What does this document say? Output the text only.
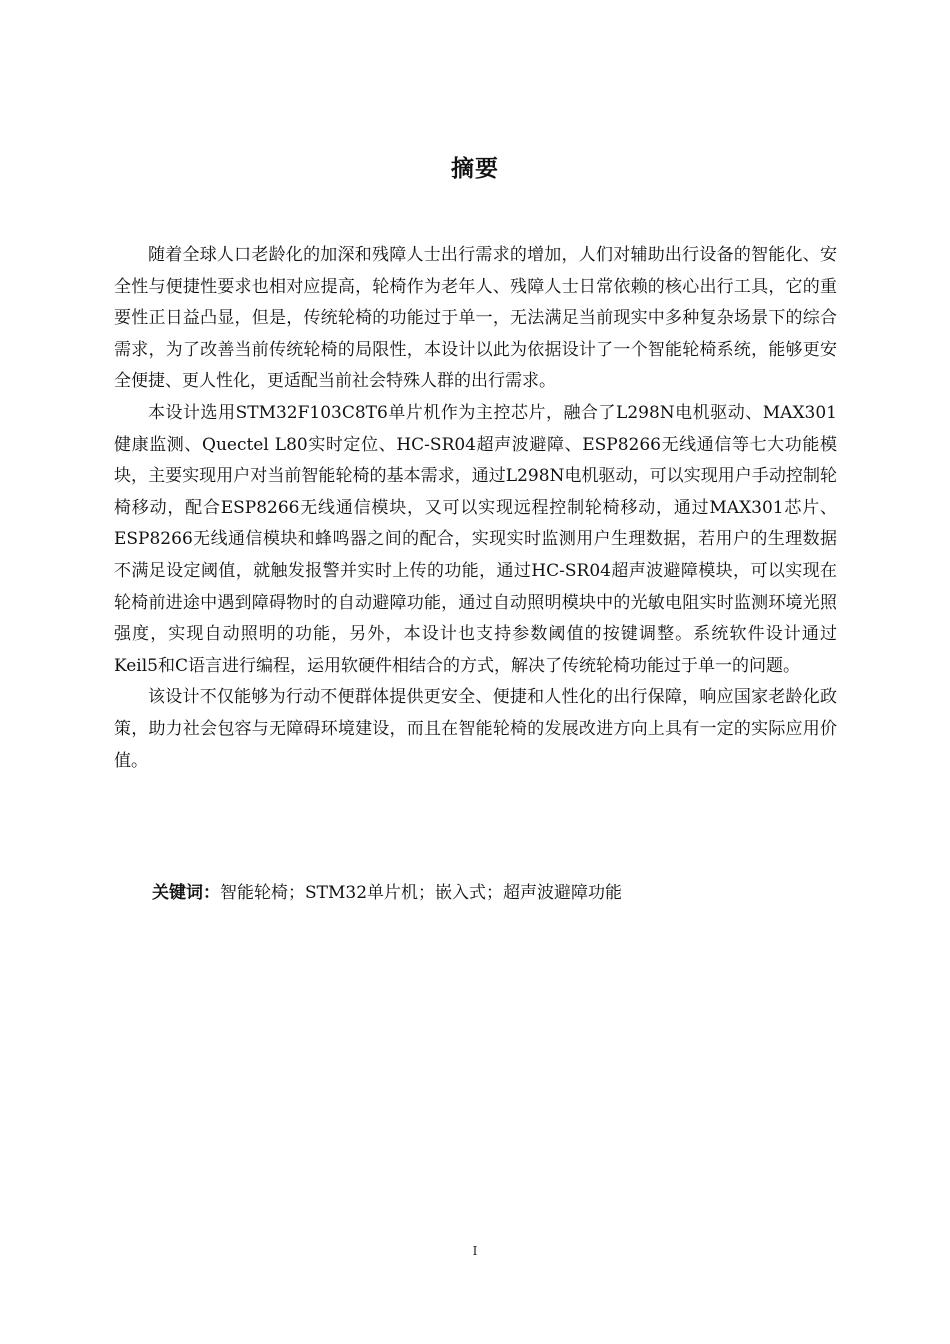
摘要

随着全球人口老龄化的加深和残障人士出行需求的增加，人们对辅助出行设备的智能化、安全性与便捷性要求也相对应提高，轮椅作为老年人、残障人士日常依赖的核心出行工具，它的重要性正日益凸显，但是，传统轮椅的功能过于单一，无法满足当前现实中多种复杂场景下的综合需求，为了改善当前传统轮椅的局限性，本设计以此为依据设计了一个智能轮椅系统，能够更安全便捷、更人性化，更适配当前社会特殊人群的出行需求。

本设计选用STM32F103C8T6单片机作为主控芯片，融合了L298N电机驱动、MAX301健康监测、Quectel L80实时定位、HC-SR04超声波避障、ESP8266无线通信等七大功能模块，主要实现用户对当前智能轮椅的基本需求，通过L298N电机驱动，可以实现用户手动控制轮椅移动，配合ESP8266无线通信模块，又可以实现远程控制轮椅移动，通过MAX301芯片、ESP8266无线通信模块和蜂鸣器之间的配合，实现实时监测用户生理数据，若用户的生理数据不满足设定阈值，就触发报警并实时上传的功能，通过HC-SR04超声波避障模块，可以实现在轮椅前进途中遇到障碍物时的自动避障功能，通过自动照明模块中的光敏电阻实时监测环境光照强度，实现自动照明的功能，另外，本设计也支持参数阈值的按键调整。系统软件设计通过Keil5和C语言进行编程，运用软硬件相结合的方式，解决了传统轮椅功能过于单一的问题。

该设计不仅能够为行动不便群体提供更安全、便捷和人性化的出行保障，响应国家老龄化政策，助力社会包容与无障碍环境建设，而且在智能轮椅的发展改进方向上具有一定的实际应用价值。

关键词：智能轮椅；STM32单片机；嵌入式；超声波避障功能
I
